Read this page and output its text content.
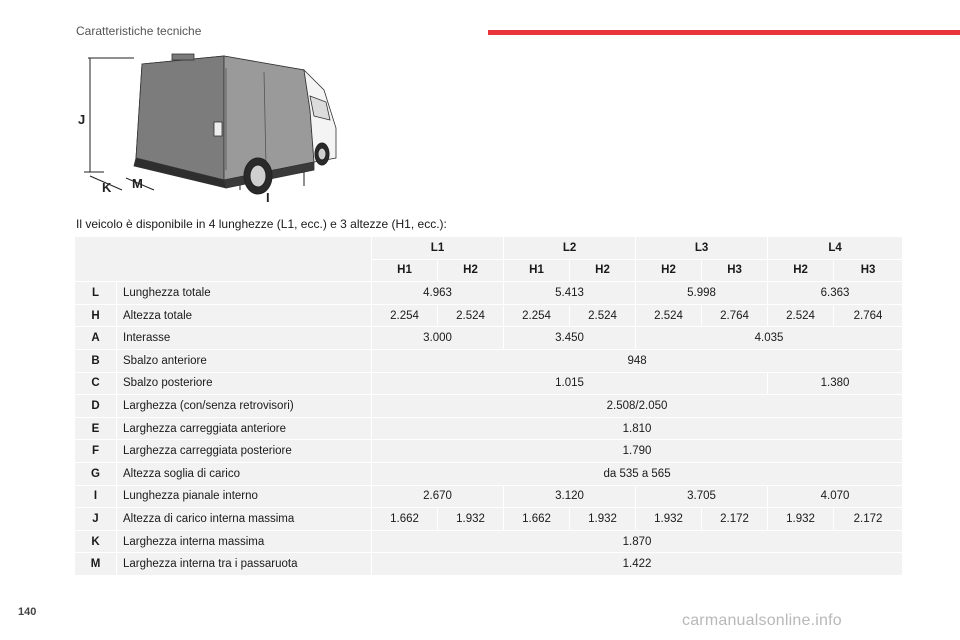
Caratteristiche tecniche
J
K M
I
Il veicolo è disponibile in 4 lunghezze (L1, ecc.) e 3 altezze (H1, ecc.):
		L1		L2		L3		L4	
		H1	H2	H1	H2	H2	H3	H2	H3
L	Lunghezza totale	4.963		5.413		5.998		6.363	
H	Altezza totale	2.254	2.524	2.254	2.524	2.524	2.764	2.524	2.764
A	Interasse	3.000		3.450		4.035			
B	Sbalzo anteriore	948							
C	Sbalzo posteriore	1.015						1.380	
D	Larghezza (con/senza retrovisori)	2.508/2.050							
E	Larghezza carreggiata anteriore	1.810							
F	Larghezza carreggiata posteriore	1.790							
G	Altezza soglia di carico	da 535 a 565							
I	Lunghezza pianale interno	2.670		3.120		3.705		4.070	
J	Altezza di carico interna massima	1.662	1.932	1.662	1.932	1.932	2.172	1.932	2.172
K	Larghezza interna massima	1.870							
M	Larghezza interna tra i passaruota	1.422							
140	carmanualsonline.info
